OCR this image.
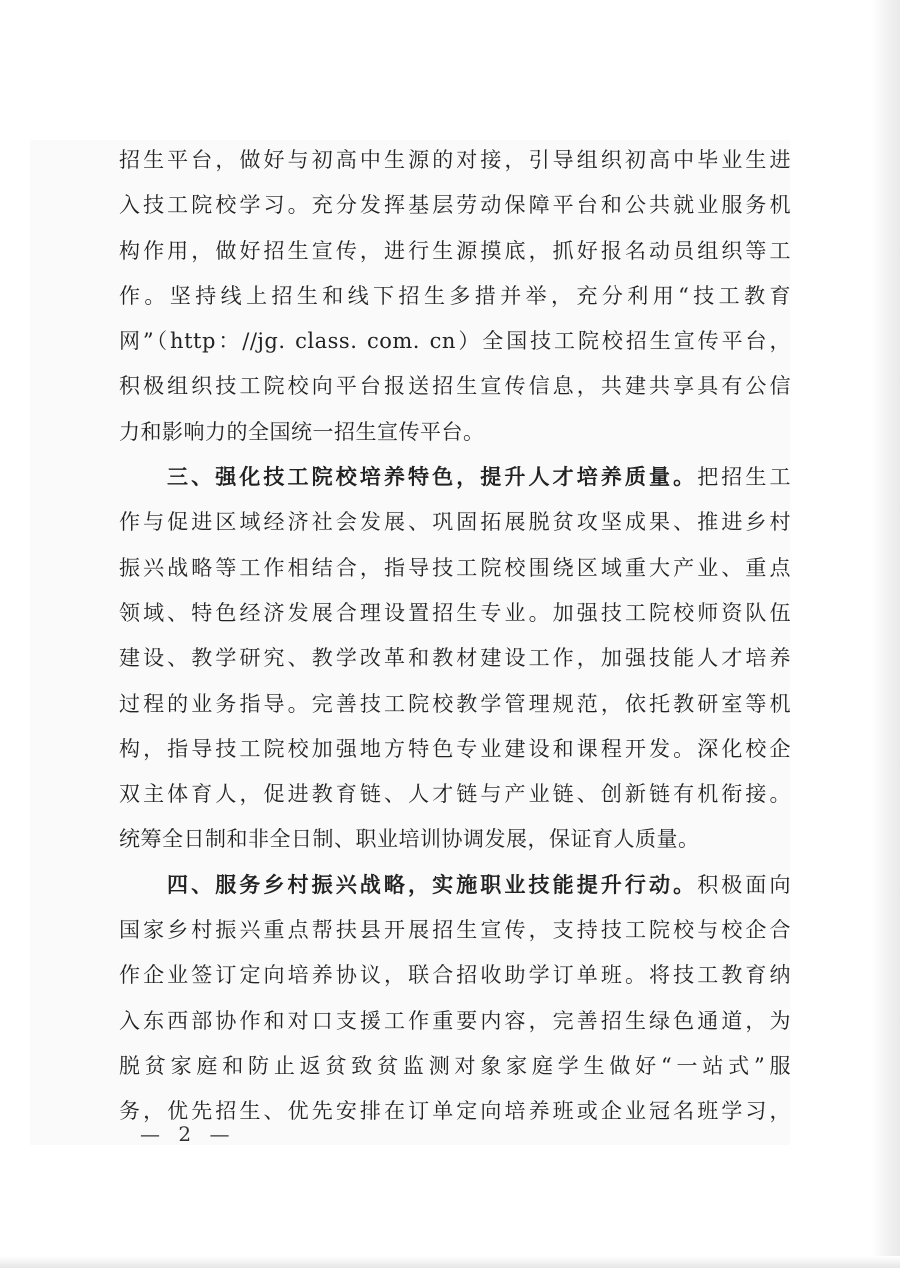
招生平台，做好与初高中生源的对接，引导组织初高中毕业生进
入技工院校学习。充分发挥基层劳动保障平台和公共就业服务机
构作用，做好招生宣传，进行生源摸底，抓好报名动员组织等工
作。坚持线上招生和线下招生多措并举，充分利用“技工教育
网”（http：//jg. class. com. cn）全国技工院校招生宣传平台，
积极组织技工院校向平台报送招生宣传信息，共建共享具有公信
力和影响力的全国统一招生宣传平台。
三、强化技工院校培养特色，提升人才培养质量。把招生工
作与促进区域经济社会发展、巩固拓展脱贫攻坚成果、推进乡村
振兴战略等工作相结合，指导技工院校围绕区域重大产业、重点
领域、特色经济发展合理设置招生专业。加强技工院校师资队伍
建设、教学研究、教学改革和教材建设工作，加强技能人才培养
过程的业务指导。完善技工院校教学管理规范，依托教研室等机
构，指导技工院校加强地方特色专业建设和课程开发。深化校企
双主体育人，促进教育链、人才链与产业链、创新链有机衔接。
统筹全日制和非全日制、职业培训协调发展，保证育人质量。
四、服务乡村振兴战略，实施职业技能提升行动。积极面向
国家乡村振兴重点帮扶县开展招生宣传，支持技工院校与校企合
作企业签订定向培养协议，联合招收助学订单班。将技工教育纳
入东西部协作和对口支援工作重要内容，完善招生绿色通道，为
脱贫家庭和防止返贫致贫监测对象家庭学生做好“一站式”服
务，优先招生、优先安排在订单定向培养班或企业冠名班学习，
— 2 —
